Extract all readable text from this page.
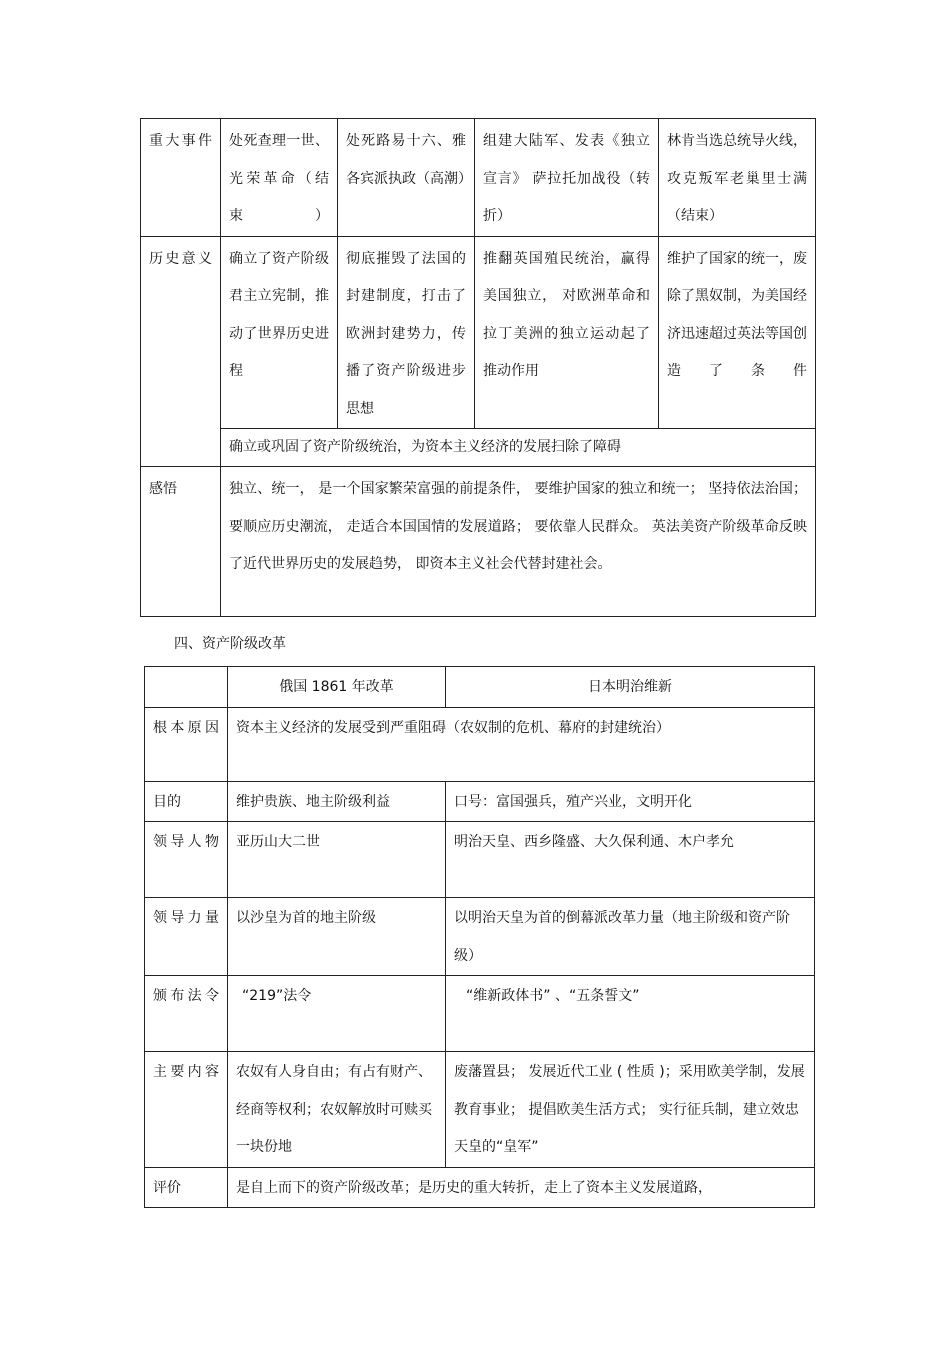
重大事件	处死查理一世、光荣革命（结束）	处死路易十六、雅各宾派执政（高潮）	组建大陆军、发表《独立宣言》 萨拉托加战役（转折）	林肯当选总统导火线，攻克叛军老巢里士满（结束）
历史意义	确立了资产阶级君主立宪制，推动了世界历史进程	彻底摧毁了法国的封建制度，打击了欧洲封建势力，传播了资产阶级进步思想	推翻英国殖民统治，赢得美国独立， 对欧洲革命和拉丁美洲的独立运动起了推动作用	维护了国家的统一，废除了黑奴制，为美国经济迅速超过英法等国创造了条件
	确立或巩固了资产阶级统治，为资本主义经济的发展扫除了障碍			
感悟	独立、统一， 是一个国家繁荣富强的前提条件， 要维护国家的独立和统一； 坚持依法治国； 要顺应历史潮流， 走适合本国国情的发展道路； 要依靠人民群众。 英法美资产阶级革命反映了近代世界历史的发展趋势， 即资本主义社会代替封建社会。			
四、资产阶级改革
	俄国 1861 年改革	日本明治维新
根本原因	资本主义经济的发展受到严重阻碍（农奴制的危机、幕府的封建统治）	
目的	维护贵族、地主阶级利益	口号：富国强兵，殖产兴业，文明开化
领导人物	亚历山大二世	明治天皇、西乡隆盛、大久保利通、木户孝允
领导力量	以沙皇为首的地主阶级	以明治天皇为首的倒幕派改革力量（地主阶级和资产阶级）
颁布法令	“219”法令	“维新政体书” 、“五条誓文”
主要内容	农奴有人身自由；有占有财产、经商等权利；农奴解放时可赎买一块份地	废藩置县； 发展近代工业 ( 性质 )；采用欧美学制，发展教育事业； 提倡欧美生活方式； 实行征兵制，建立效忠天皇的“皇军”
评价	是自上而下的资产阶级改革；是历史的重大转折，走上了资本主义发展道路，	
